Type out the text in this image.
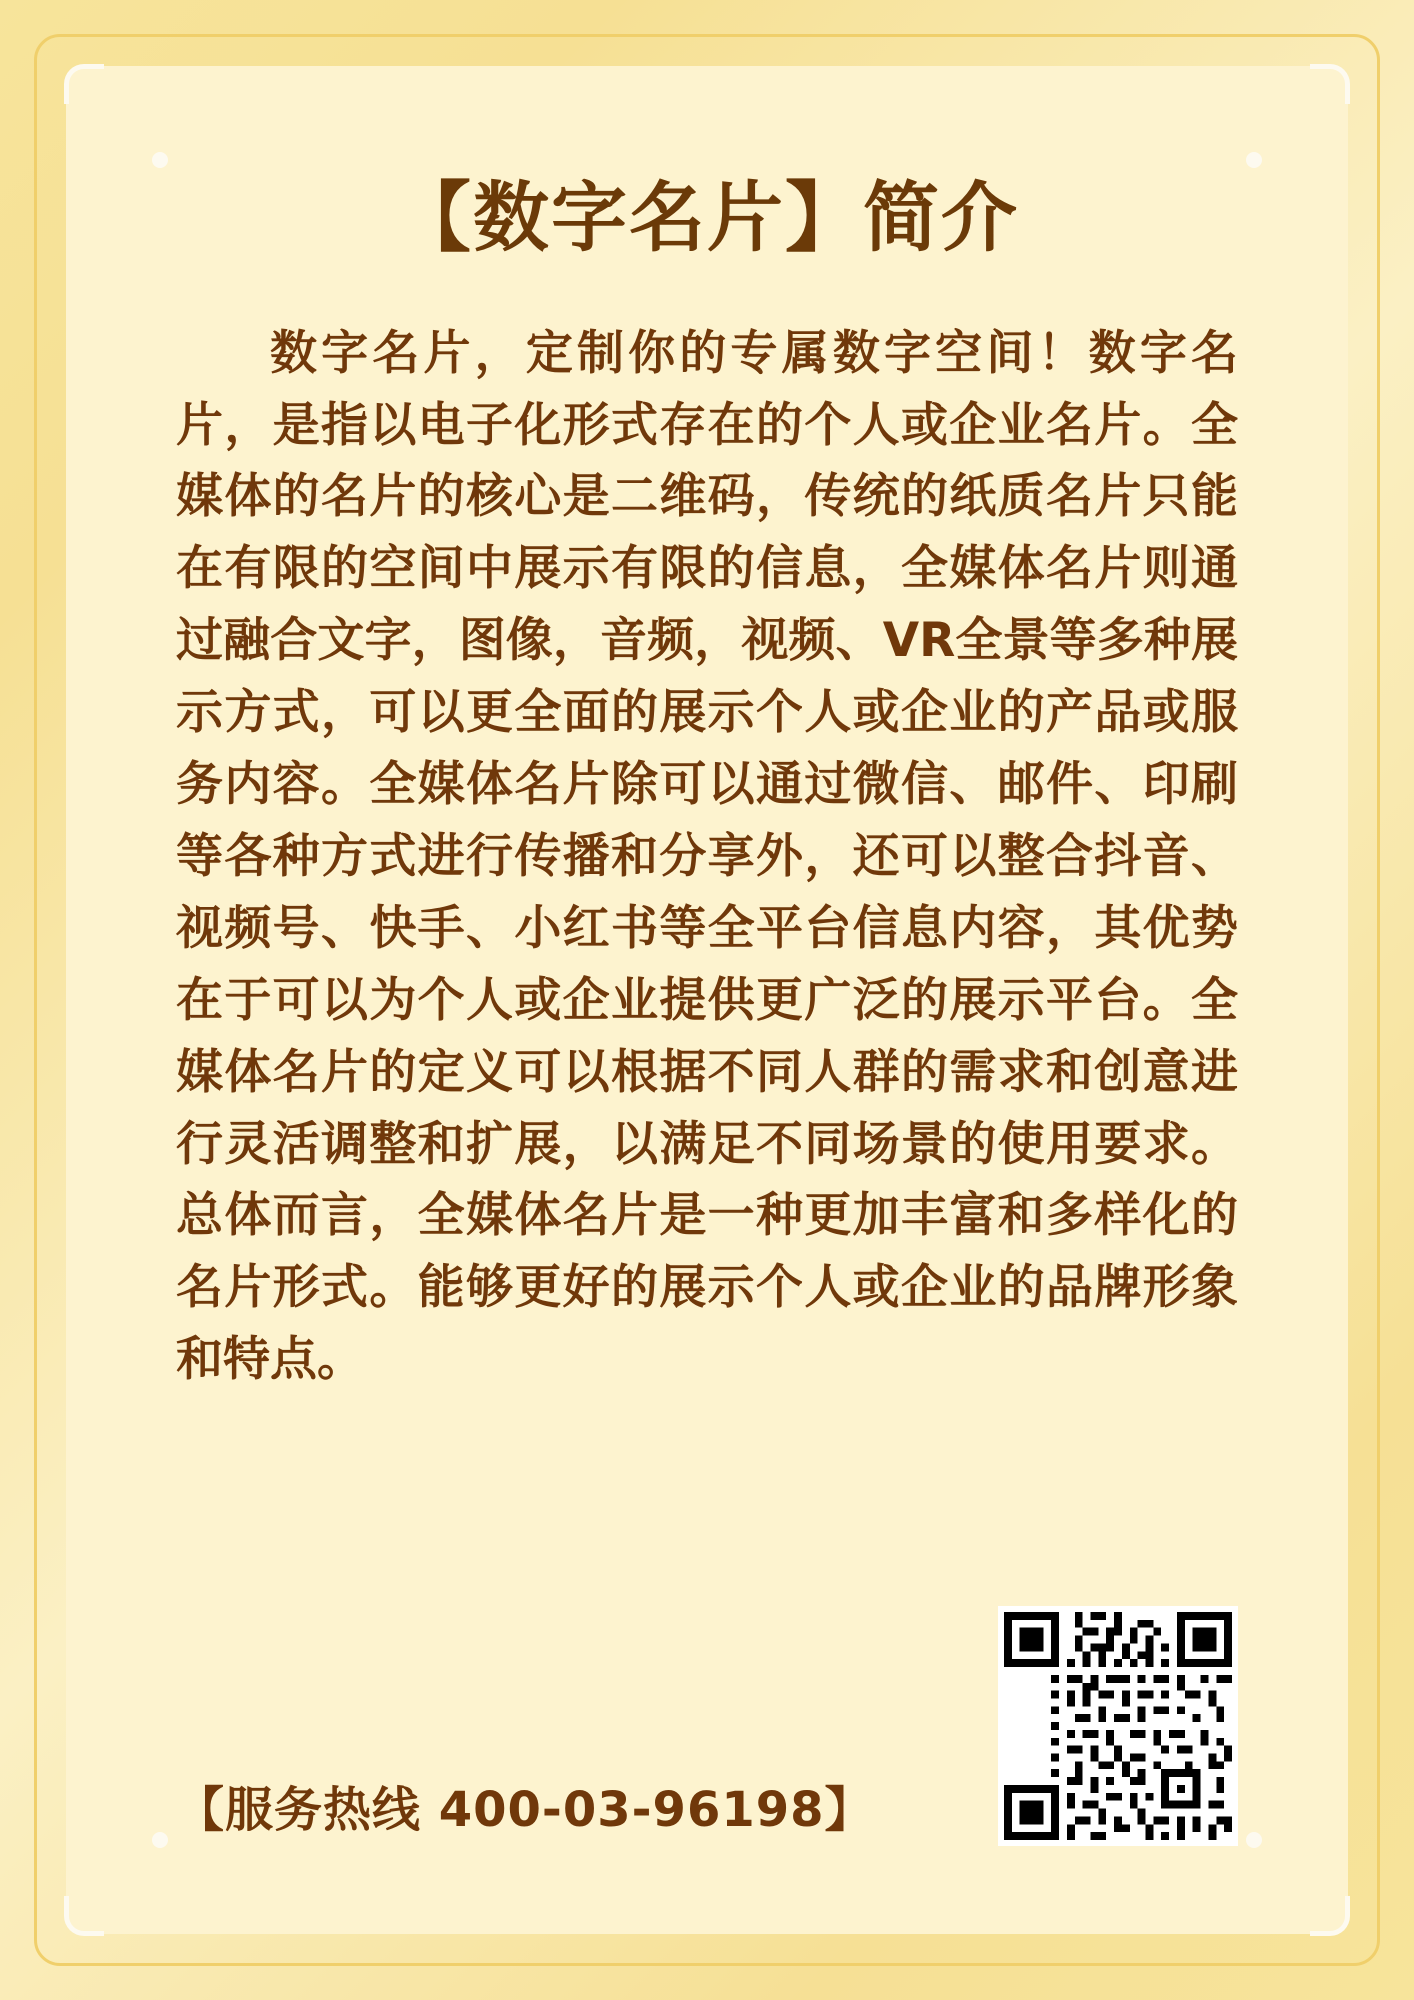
【数字名片】简介

数字名片，定制你的专属数字空间！数字名片，是指以电子化形式存在的个人或企业名片。全媒体的名片的核心是二维码，传统的纸质名片只能在有限的空间中展示有限的信息，全媒体名片则通过融合文字，图像，音频，视频、VR全景等多种展示方式，可以更全面的展示个人或企业的产品或服务内容。全媒体名片除可以通过微信、邮件、印刷等各种方式进行传播和分享外，还可以整合抖音、视频号、快手、小红书等全平台信息内容，其优势在于可以为个人或企业提供更广泛的展示平台。全媒体名片的定义可以根据不同人群的需求和创意进行灵活调整和扩展，以满足不同场景的使用要求。总体而言，全媒体名片是一种更加丰富和多样化的名片形式。能够更好的展示个人或企业的品牌形象和特点。

【服务热线 400-03-96198】
